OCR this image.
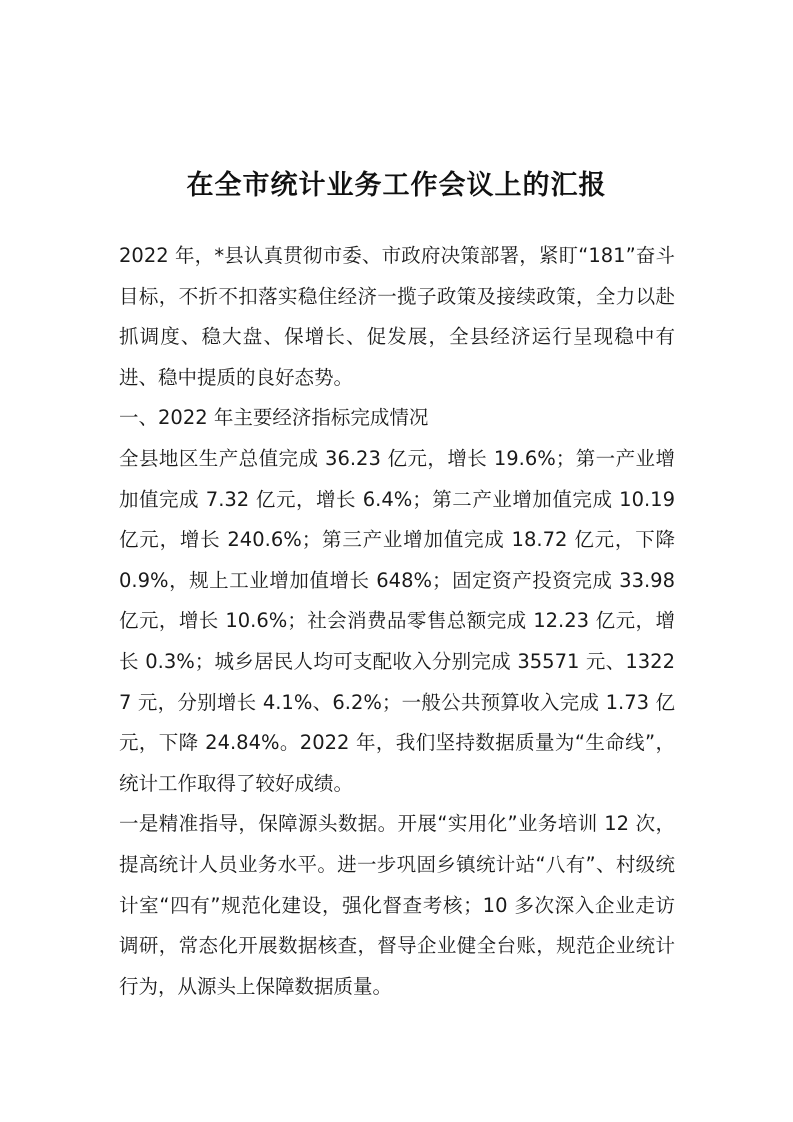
在全市统计业务工作会议上的汇报

2022 年，*县认真贯彻市委、市政府决策部署，紧盯“181”奋斗目标，不折不扣落实稳住经济一揽子政策及接续政策，全力以赴抓调度、稳大盘、保增长、促发展，全县经济运行呈现稳中有进、稳中提质的良好态势。

一、2022 年主要经济指标完成情况

全县地区生产总值完成 36.23 亿元，增长 19.6%；第一产业增加值完成 7.32 亿元，增长 6.4%；第二产业增加值完成 10.19 亿元，增长 240.6%；第三产业增加值完成 18.72 亿元，下降 0.9%，规上工业增加值增长 648%；固定资产投资完成 33.98 亿元，增长 10.6%；社会消费品零售总额完成 12.23 亿元，增长 0.3%；城乡居民人均可支配收入分别完成 35571 元、13227 元，分别增长 4.1%、6.2%；一般公共预算收入完成 1.73 亿元，下降 24.84%。2022 年，我们坚持数据质量为“生命线”，统计工作取得了较好成绩。

一是精准指导，保障源头数据。开展“实用化”业务培训 12 次，提高统计人员业务水平。进一步巩固乡镇统计站“八有”、村级统计室“四有”规范化建设，强化督查考核；10 多次深入企业走访调研，常态化开展数据核查，督导企业健全台账，规范企业统计行为，从源头上保障数据质量。
